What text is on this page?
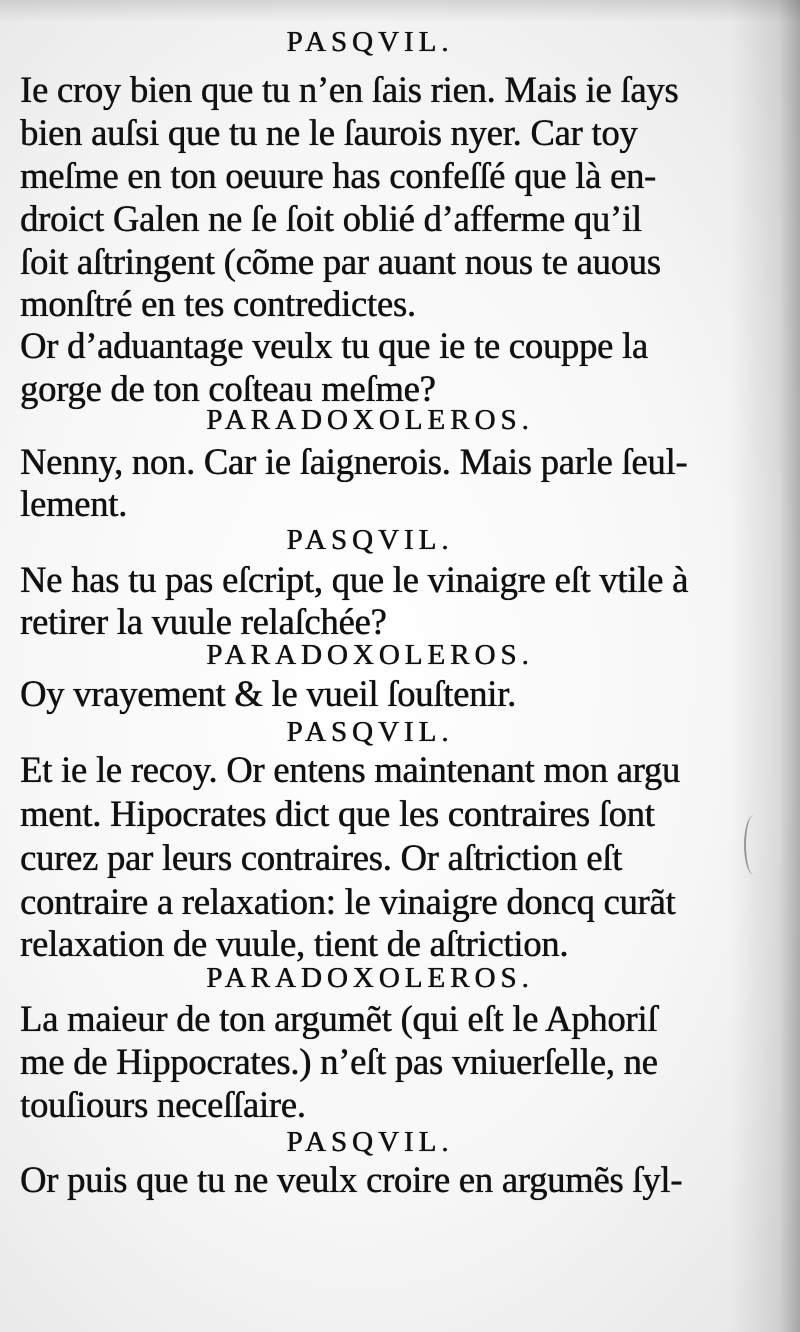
PASQVIL.
Ie croy bien que tu n’en ſais rien. Mais ie ſays
bien auſsi que tu ne le ſaurois nyer. Car toy
meſme en ton oeuure has confeſſé que là en-
droict Galen ne ſe ſoit oblié d’afferme qu’il
ſoit aſtringent (cõme par auant nous te auous
monſtré en tes contredictes.
Or d’aduantage veulx tu que ie te couppe la
gorge de ton coſteau meſme?
PARADOXOLEROS.
Nenny, non. Car ie ſaignerois. Mais parle ſeul-
lement.
PASQVIL.
Ne has tu pas eſcript, que le vinaigre eſt vtile à
retirer la vuule relaſchée?
PARADOXOLEROS.
Oy vrayement & le vueil ſouſtenir.
PASQVIL.
Et ie le recoy. Or entens maintenant mon argu
ment. Hipocrates dict que les contraires ſont
curez par leurs contraires. Or aſtriction eſt
contraire a relaxation: le vinaigre doncq curãt
relaxation de vuule, tient de aſtriction.
PARADOXOLEROS.
La maieur de ton argumẽt (qui eſt le Aphoriſ
me de Hippocrates.) n’eſt pas vniuerſelle, ne
touſiours neceſſaire.
PASQVIL.
Or puis que tu ne veulx croire en argumẽs ſyl-
